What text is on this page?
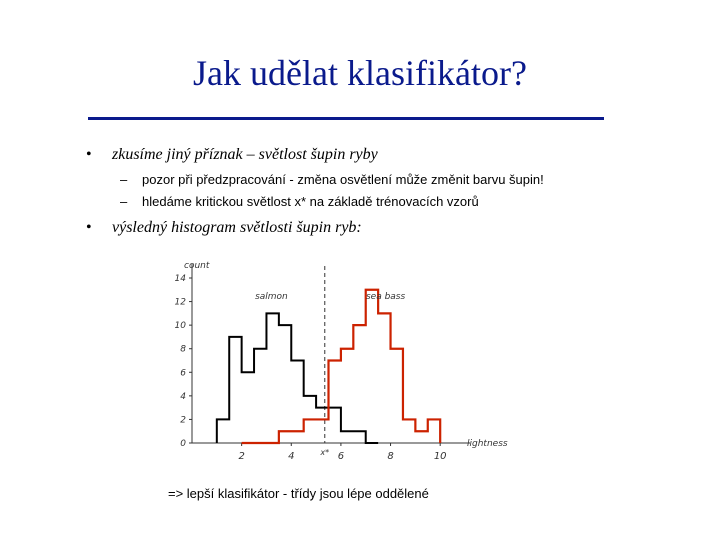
Jak udělat klasifikátor?
• zkusíme jiný příznak – světlost šupin ryby
– pozor při předzpracování - změna osvětlení může změnit barvu šupin!
– hledáme kritickou světlost x* na základě trénovacích vzorů
• výsledný histogram světlosti šupin ryb:
0
2
4
6
8
10
12
14
2	4	6	8	10
count
lightness
x*
salmon	sea bass
=> lepší klasifikátor - třídy jsou lépe oddělené
